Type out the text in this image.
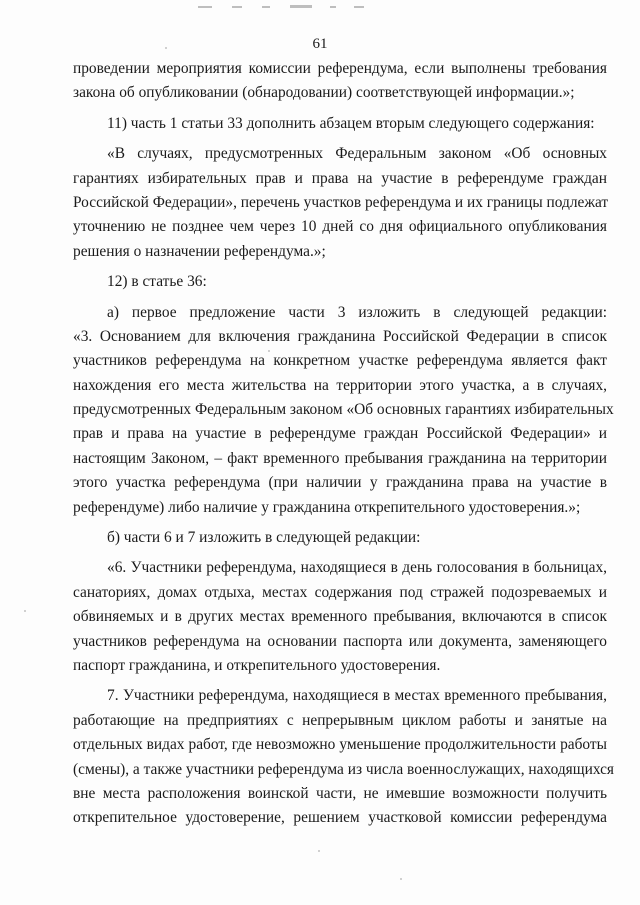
61
проведении мероприятия комиссии референдума, если выполнены требования
закона об опубликовании (обнародовании) соответствующей информации.»;
11) часть 1 статьи 33 дополнить абзацем вторым следующего содержания:
«В случаях, предусмотренных Федеральным законом «Об основных
гарантиях избирательных прав и права на участие в референдуме граждан
Российской Федерации», перечень участков референдума и их границы подлежат
уточнению не позднее чем через 10 дней со дня официального опубликования
решения о назначении референдума.»;
12) в статье 36:
а) первое предложение части 3 изложить в следующей редакции:
«3. Основанием для включения гражданина Российской Федерации в список
участников референдума на конкретном участке референдума является факт
нахождения его места жительства на территории этого участка, а в случаях,
предусмотренных Федеральным законом «Об основных гарантиях избирательных
прав и права на участие в референдуме граждан Российской Федерации» и
настоящим Законом, – факт временного пребывания гражданина на территории
этого участка референдума (при наличии у гражданина права на участие в
референдуме) либо наличие у гражданина открепительного удостоверения.»;
б) части 6 и 7 изложить в следующей редакции:
«6. Участники референдума, находящиеся в день голосования в больницах,
санаториях, домах отдыха, местах содержания под стражей подозреваемых и
обвиняемых и в других местах временного пребывания, включаются в список
участников референдума на основании паспорта или документа, заменяющего
паспорт гражданина, и открепительного удостоверения.
7. Участники референдума, находящиеся в местах временного пребывания,
работающие на предприятиях с непрерывным циклом работы и занятые на
отдельных видах работ, где невозможно уменьшение продолжительности работы
(смены), а также участники референдума из числа военнослужащих, находящихся
вне места расположения воинской части, не имевшие возможности получить
открепительное удостоверение, решением участковой комиссии референдума
